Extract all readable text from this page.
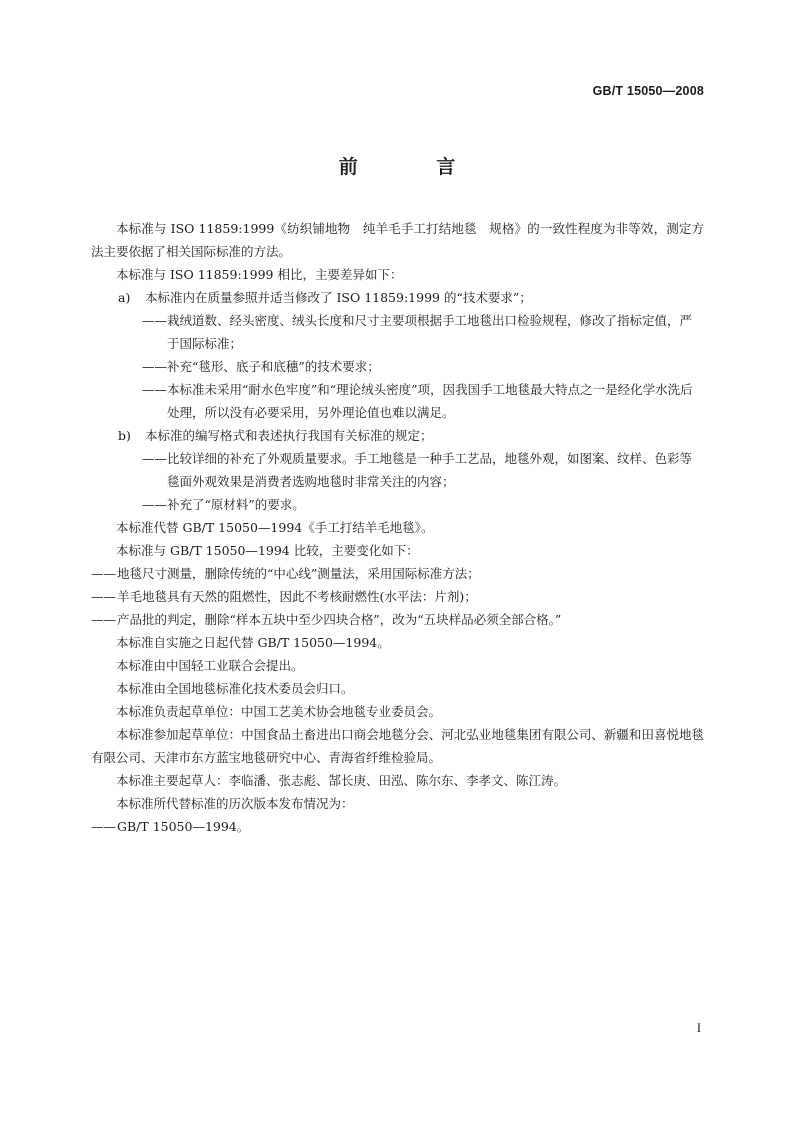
GB/T 15050—2008
前 言

本标准与 ISO 11859:1999《纺织铺地物　纯羊毛手工打结地毯　规格》的一致性程度为非等效，测定方法主要依据了相关国际标准的方法。

本标准与 ISO 11859:1999 相比，主要差异如下：

a) 本标准内在质量参照并适当修改了 ISO 11859:1999 的“技术要求”；

—— 栽绒道数、经头密度、绒头长度和尺寸主要项根据手工地毯出口检验规程，修改了指标定值，严于国际标准；

—— 补充“毯形、底子和底穗”的技术要求；

—— 本标准未采用“耐水色牢度”和“理论绒头密度”项，因我国手工地毯最大特点之一是经化学水洗后处理，所以没有必要采用，另外理论值也难以满足。

b) 本标准的编写格式和表述执行我国有关标准的规定；

—— 比较详细的补充了外观质量要求。手工地毯是一种手工艺品，地毯外观，如图案、纹样、色彩等毯面外观效果是消费者选购地毯时非常关注的内容；

—— 补充了“原材料”的要求。

本标准代替 GB/T 15050—1994《手工打结羊毛地毯》。

本标准与 GB/T 15050—1994 比较，主要变化如下：

—— 地毯尺寸测量，删除传统的“中心线”测量法，采用国际标准方法；

—— 羊毛地毯具有天然的阻燃性，因此不考核耐燃性(水平法：片剂)；

—— 产品批的判定，删除“样本五块中至少四块合格”，改为“五块样品必须全部合格。”

本标准自实施之日起代替 GB/T 15050—1994。

本标准由中国轻工业联合会提出。

本标准由全国地毯标准化技术委员会归口。

本标准负责起草单位：中国工艺美术协会地毯专业委员会。

本标准参加起草单位：中国食品土畜进出口商会地毯分会、河北弘业地毯集团有限公司、新疆和田喜悦地毯有限公司、天津市东方蓝宝地毯研究中心、青海省纤维检验局。

本标准主要起草人：李临潘、张志彪、郜长庚、田泓、陈尔东、李孝文、陈江涛。

本标准所代替标准的历次版本发布情况为：

—— GB/T 15050—1994。

I
